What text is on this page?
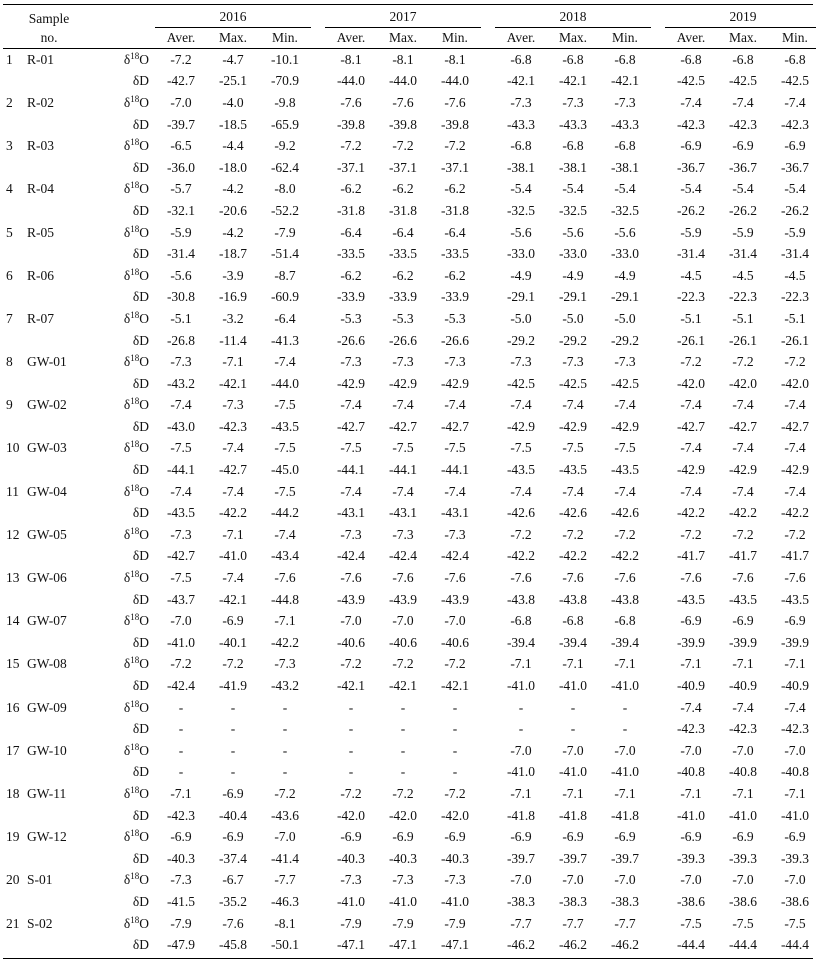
Sample
no.			2016				2017				2018				2019		
			Aver.	Max.	Min.		Aver.	Max.	Min.		Aver.	Max.	Min.		Aver.	Max.	Min.
1	R-01	$\delta^{18}O$	-7.2	-4.7	-10.1		-8.1	-8.1	-8.1		-6.8	-6.8	-6.8		-6.8	-6.8	-6.8
		δD	-42.7	-25.1	-70.9		-44.0	-44.0	-44.0		-42.1	-42.1	-42.1		-42.5	-42.5	-42.5
2	R-02	$\delta^{18}O$	-7.0	-4.0	-9.8		-7.6	-7.6	-7.6		-7.3	-7.3	-7.3		-7.4	-7.4	-7.4
		δD	-39.7	-18.5	-65.9		-39.8	-39.8	-39.8		-43.3	-43.3	-43.3		-42.3	-42.3	-42.3
3	R-03	$\delta^{18}O$	-6.5	-4.4	-9.2		-7.2	-7.2	-7.2		-6.8	-6.8	-6.8		-6.9	-6.9	-6.9
		δD	-36.0	-18.0	-62.4		-37.1	-37.1	-37.1		-38.1	-38.1	-38.1		-36.7	-36.7	-36.7
4	R-04	$\delta^{18}O$	-5.7	-4.2	-8.0		-6.2	-6.2	-6.2		-5.4	-5.4	-5.4		-5.4	-5.4	-5.4
		δD	-32.1	-20.6	-52.2		-31.8	-31.8	-31.8		-32.5	-32.5	-32.5		-26.2	-26.2	-26.2
5	R-05	$\delta^{18}O$	-5.9	-4.2	-7.9		-6.4	-6.4	-6.4		-5.6	-5.6	-5.6		-5.9	-5.9	-5.9
		δD	-31.4	-18.7	-51.4		-33.5	-33.5	-33.5		-33.0	-33.0	-33.0		-31.4	-31.4	-31.4
6	R-06	$\delta^{18}O$	-5.6	-3.9	-8.7		-6.2	-6.2	-6.2		-4.9	-4.9	-4.9		-4.5	-4.5	-4.5
		δD	-30.8	-16.9	-60.9		-33.9	-33.9	-33.9		-29.1	-29.1	-29.1		-22.3	-22.3	-22.3
7	R-07	$\delta^{18}O$	-5.1	-3.2	-6.4		-5.3	-5.3	-5.3		-5.0	-5.0	-5.0		-5.1	-5.1	-5.1
		δD	-26.8	-11.4	-41.3		-26.6	-26.6	-26.6		-29.2	-29.2	-29.2		-26.1	-26.1	-26.1
8	GW-01	$\delta^{18}O$	-7.3	-7.1	-7.4		-7.3	-7.3	-7.3		-7.3	-7.3	-7.3		-7.2	-7.2	-7.2
		δD	-43.2	-42.1	-44.0		-42.9	-42.9	-42.9		-42.5	-42.5	-42.5		-42.0	-42.0	-42.0
9	GW-02	$\delta^{18}O$	-7.4	-7.3	-7.5		-7.4	-7.4	-7.4		-7.4	-7.4	-7.4		-7.4	-7.4	-7.4
		δD	-43.0	-42.3	-43.5		-42.7	-42.7	-42.7		-42.9	-42.9	-42.9		-42.7	-42.7	-42.7
10	GW-03	$\delta^{18}O$	-7.5	-7.4	-7.5		-7.5	-7.5	-7.5		-7.5	-7.5	-7.5		-7.4	-7.4	-7.4
		δD	-44.1	-42.7	-45.0		-44.1	-44.1	-44.1		-43.5	-43.5	-43.5		-42.9	-42.9	-42.9
11	GW-04	$\delta^{18}O$	-7.4	-7.4	-7.5		-7.4	-7.4	-7.4		-7.4	-7.4	-7.4		-7.4	-7.4	-7.4
		δD	-43.5	-42.2	-44.2		-43.1	-43.1	-43.1		-42.6	-42.6	-42.6		-42.2	-42.2	-42.2
12	GW-05	$\delta^{18}O$	-7.3	-7.1	-7.4		-7.3	-7.3	-7.3		-7.2	-7.2	-7.2		-7.2	-7.2	-7.2
		δD	-42.7	-41.0	-43.4		-42.4	-42.4	-42.4		-42.2	-42.2	-42.2		-41.7	-41.7	-41.7
13	GW-06	$\delta^{18}O$	-7.5	-7.4	-7.6		-7.6	-7.6	-7.6		-7.6	-7.6	-7.6		-7.6	-7.6	-7.6
		δD	-43.7	-42.1	-44.8		-43.9	-43.9	-43.9		-43.8	-43.8	-43.8		-43.5	-43.5	-43.5
14	GW-07	$\delta^{18}O$	-7.0	-6.9	-7.1		-7.0	-7.0	-7.0		-6.8	-6.8	-6.8		-6.9	-6.9	-6.9
		δD	-41.0	-40.1	-42.2		-40.6	-40.6	-40.6		-39.4	-39.4	-39.4		-39.9	-39.9	-39.9
15	GW-08	$\delta^{18}O$	-7.2	-7.2	-7.3		-7.2	-7.2	-7.2		-7.1	-7.1	-7.1		-7.1	-7.1	-7.1
		δD	-42.4	-41.9	-43.2		-42.1	-42.1	-42.1		-41.0	-41.0	-41.0		-40.9	-40.9	-40.9
16	GW-09	$\delta^{18}O$	-	-	-		-	-	-		-	-	-		-7.4	-7.4	-7.4
		δD	-	-	-		-	-	-		-	-	-		-42.3	-42.3	-42.3
17	GW-10	$\delta^{18}O$	-	-	-		-	-	-		-7.0	-7.0	-7.0		-7.0	-7.0	-7.0
		δD	-	-	-		-	-	-		-41.0	-41.0	-41.0		-40.8	-40.8	-40.8
18	GW-11	$\delta^{18}O$	-7.1	-6.9	-7.2		-7.2	-7.2	-7.2		-7.1	-7.1	-7.1		-7.1	-7.1	-7.1
		δD	-42.3	-40.4	-43.6		-42.0	-42.0	-42.0		-41.8	-41.8	-41.8		-41.0	-41.0	-41.0
19	GW-12	$\delta^{18}O$	-6.9	-6.9	-7.0		-6.9	-6.9	-6.9		-6.9	-6.9	-6.9		-6.9	-6.9	-6.9
		δD	-40.3	-37.4	-41.4		-40.3	-40.3	-40.3		-39.7	-39.7	-39.7		-39.3	-39.3	-39.3
20	S-01	$\delta^{18}O$	-7.3	-6.7	-7.7		-7.3	-7.3	-7.3		-7.0	-7.0	-7.0		-7.0	-7.0	-7.0
		δD	-41.5	-35.2	-46.3		-41.0	-41.0	-41.0		-38.3	-38.3	-38.3		-38.6	-38.6	-38.6
21	S-02	$\delta^{18}O$	-7.9	-7.6	-8.1		-7.9	-7.9	-7.9		-7.7	-7.7	-7.7		-7.5	-7.5	-7.5
		δD	-47.9	-45.8	-50.1		-47.1	-47.1	-47.1		-46.2	-46.2	-46.2		-44.4	-44.4	-44.4
